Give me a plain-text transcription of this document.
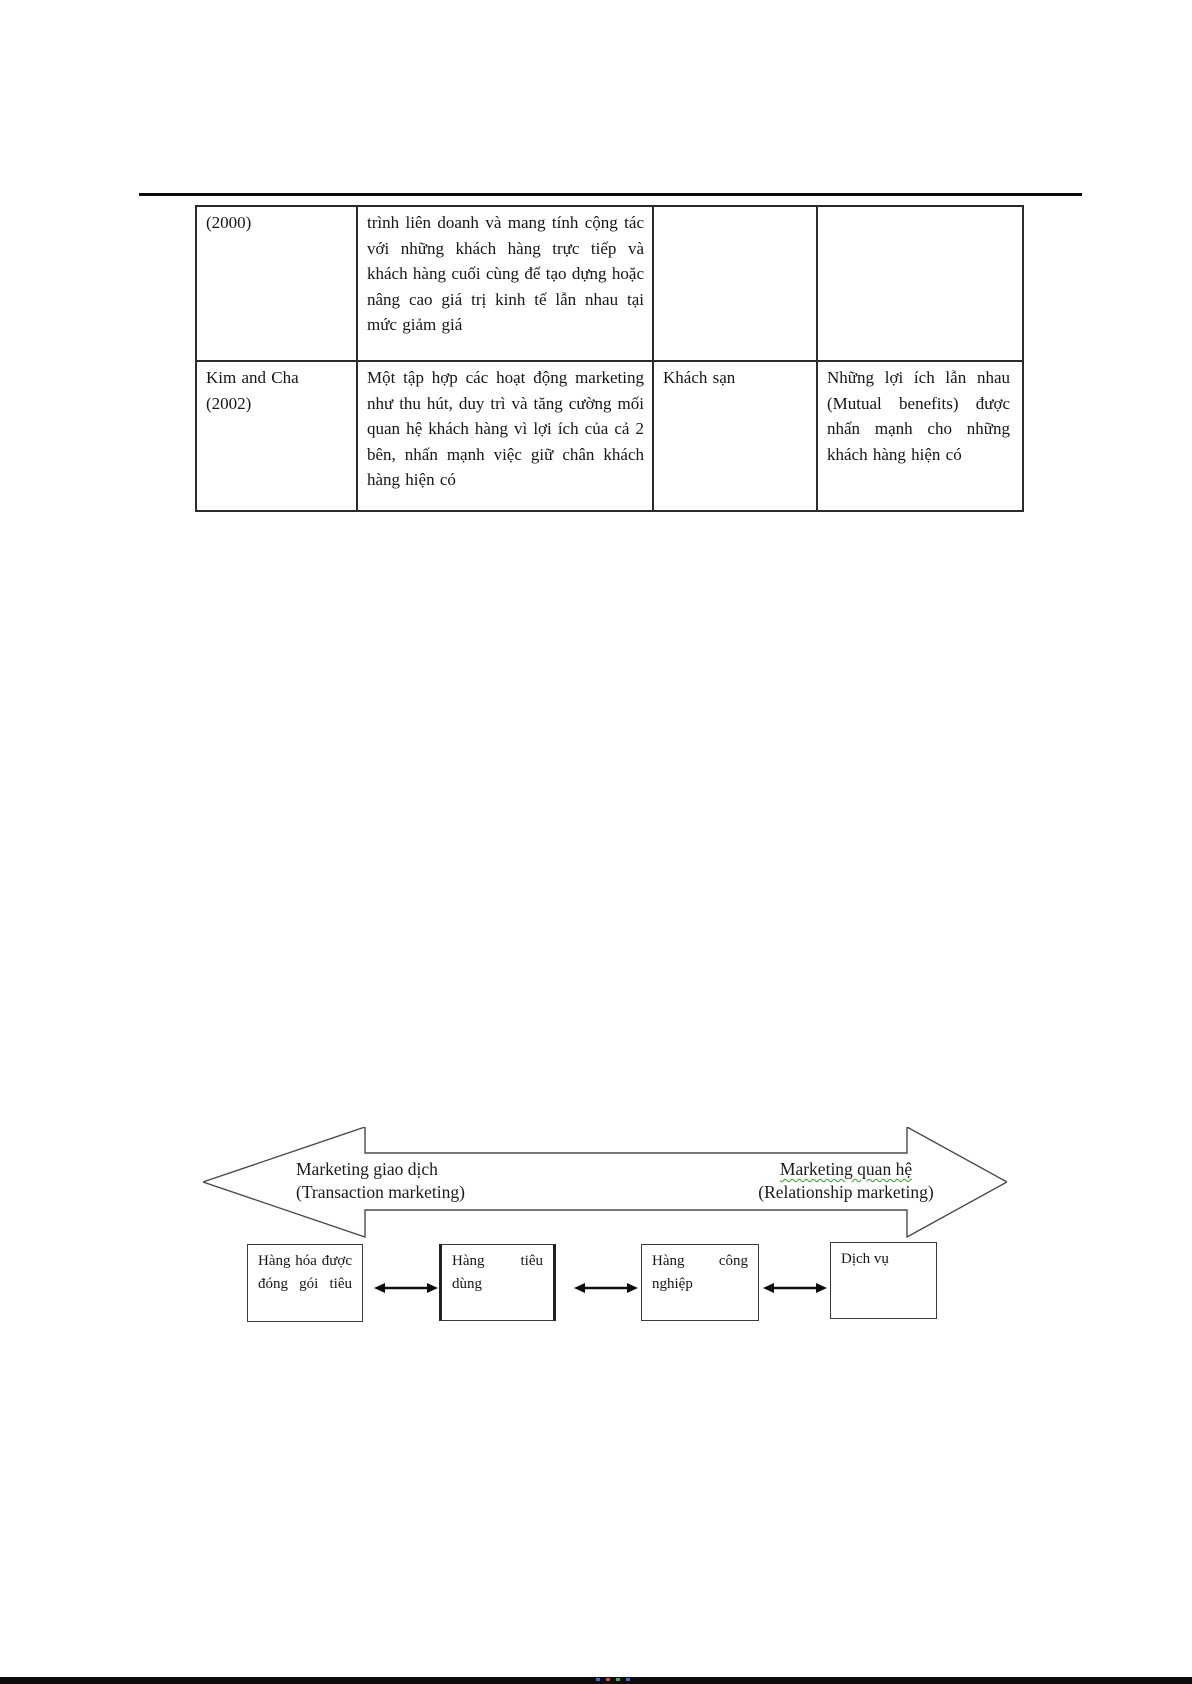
(2000)	trình liên doanh và mang tính cộng tác với những khách hàng trực tiếp và khách hàng cuối cùng để tạo dựng hoặc nâng cao giá trị kinh tế lẫn nhau tại mức giảm giá		
Kim and Cha (2002)	Một tập hợp các hoạt động marketing như thu hút, duy trì và tăng cường mối quan hệ khách hàng vì lợi ích của cả 2 bên, nhấn mạnh việc giữ chân khách hàng hiện có	Khách sạn	Những lợi ích lẫn nhau (Mutual benefits) được nhấn mạnh cho những khách hàng hiện có
Marketing giao dịch
(Transaction marketing)
Marketing quan hệ
(Relationship marketing)
Hàng hóa được đóng gói tiêu
Hàng tiêu dùng
Hàng công nghiệp
Dịch vụ
